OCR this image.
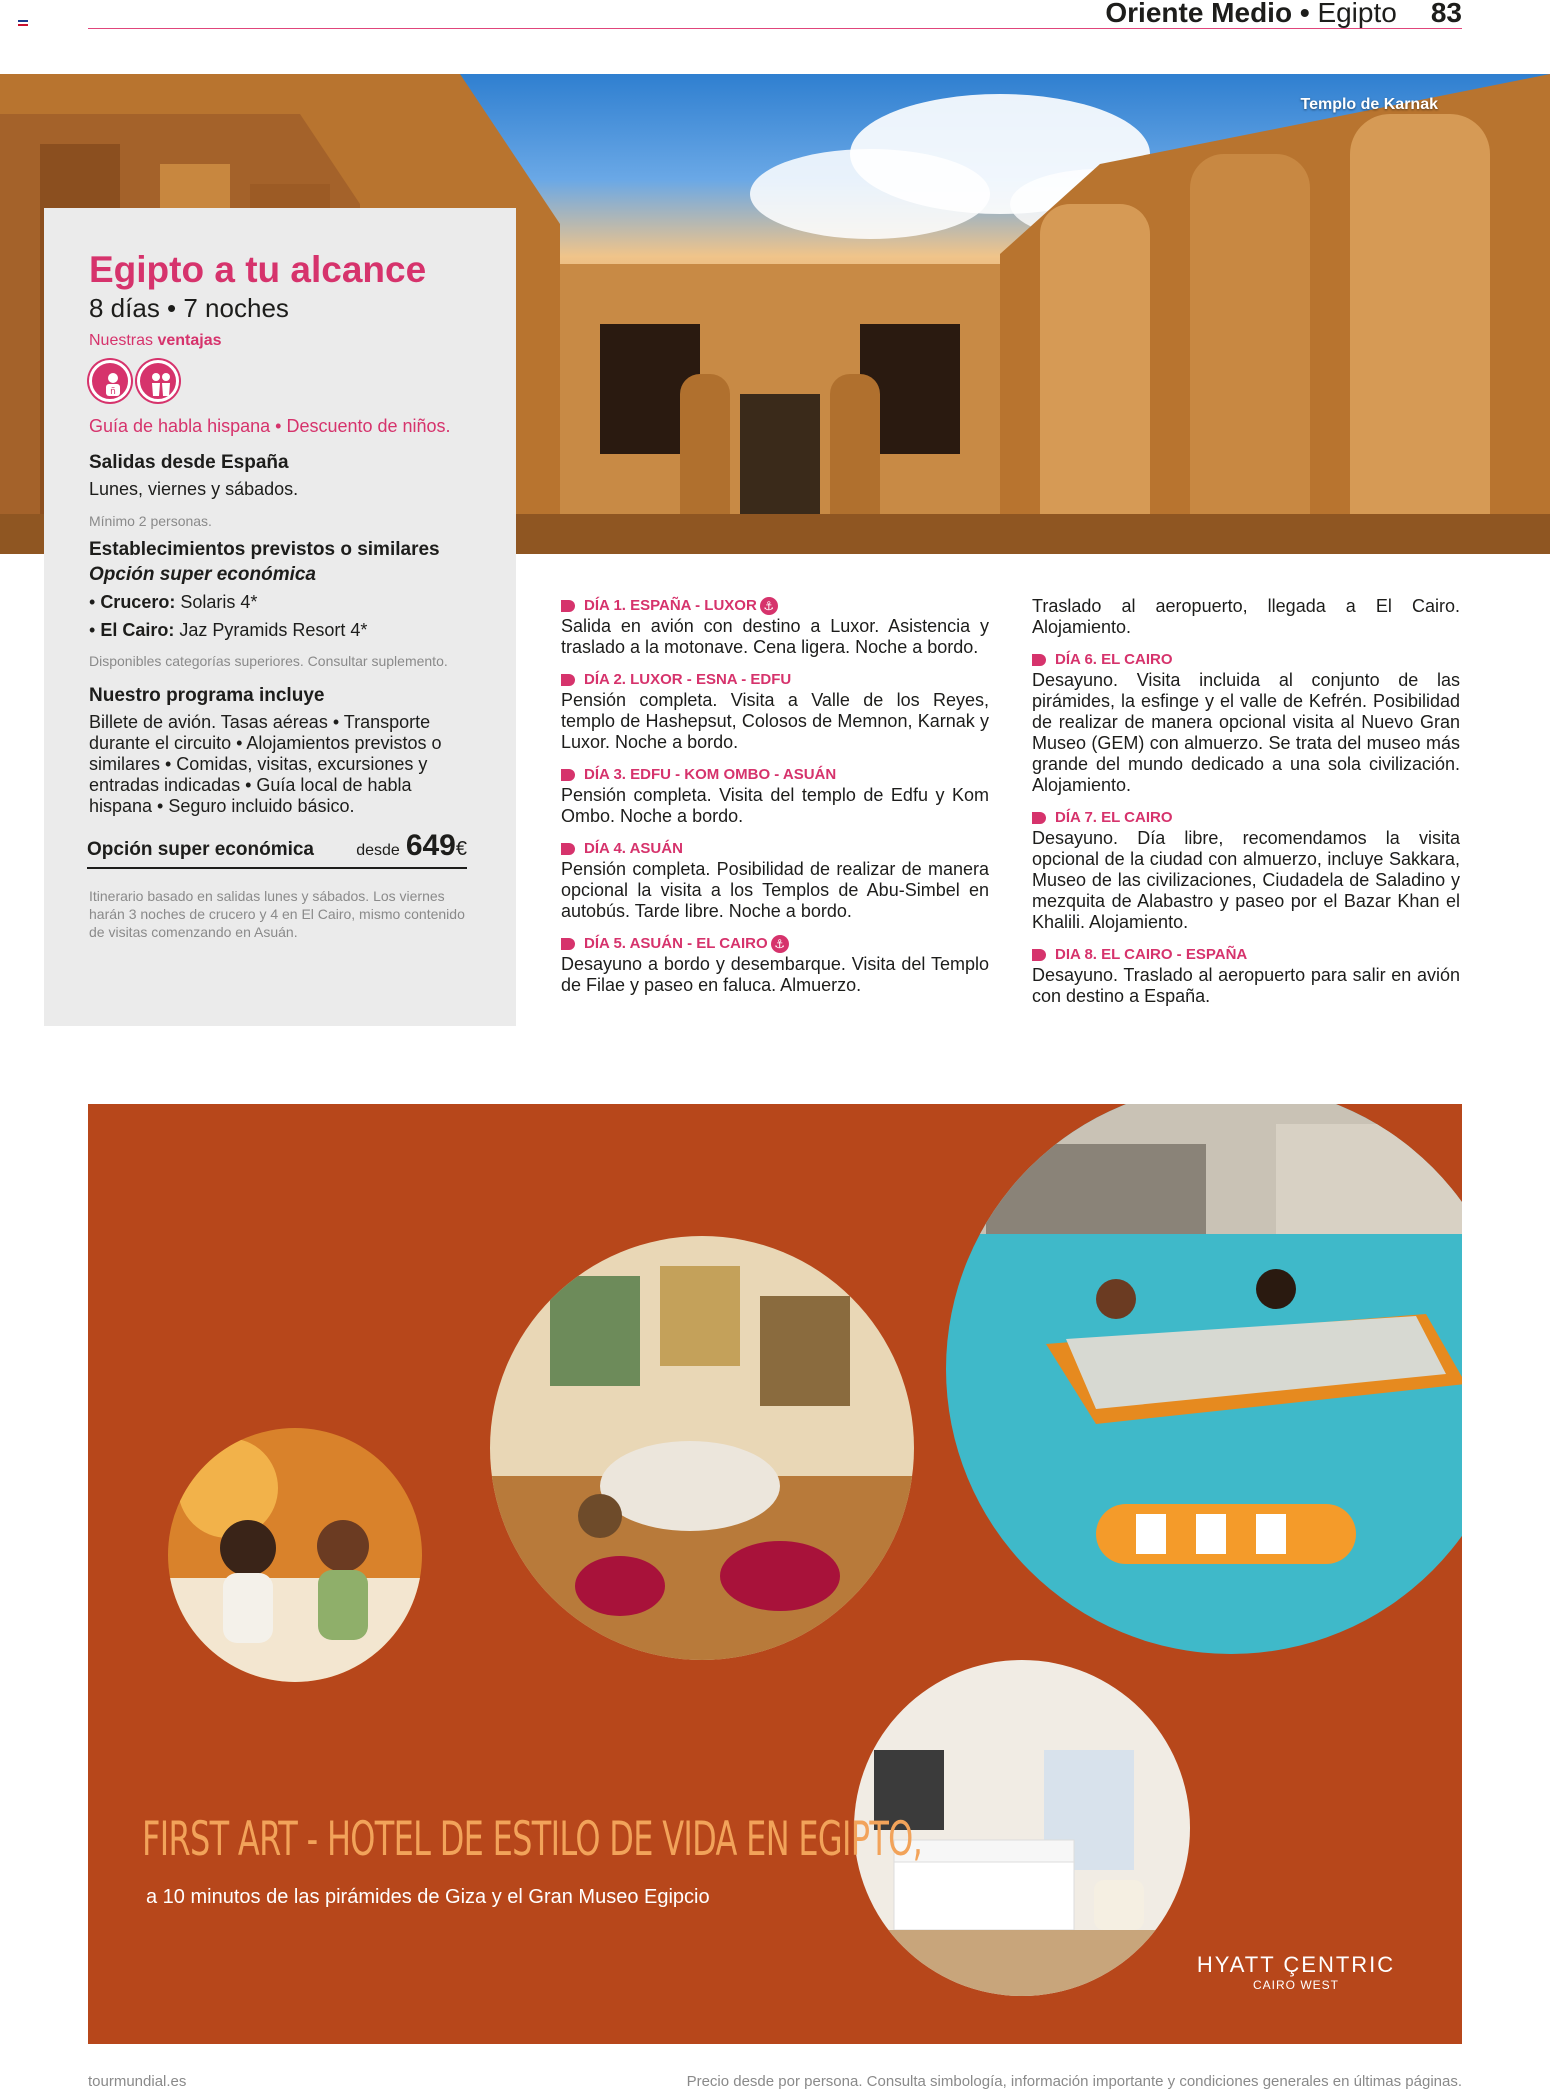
Oriente Medio • Egipto 83
Templo de Karnak
Egipto a tu alcance
8 días • 7 noches
Nuestras ventajas
ñ
Guía de habla hispana • Descuento de niños.
Salidas desde España

Lunes, viernes y sábados.

Mínimo 2 personas.
Establecimientos previstos o similares
Opción super económica
• Crucero: Solaris 4*
• El Cairo: Jaz Pyramids Resort 4*
Disponibles categorías superiores. Consultar suplemento.
Nuestro programa incluye

Billete de avión. Tasas aéreas • Transporte durante el circuito • Alojamientos previstos o similares • Comidas, visitas, excursiones y entradas indicadas • Guía local de habla hispana • Seguro incluido básico.

Opción super económica	desde 649 €
Itinerario basado en salidas lunes y sábados. Los viernes harán 3 noches de crucero y 4 en El Cairo, mismo contenido de visitas comenzando en Asuán.
DÍA 1. ESPAÑA - LUXOR ⚓
Salida en avión con destino a Luxor. Asistencia y traslado a la motonave. Cena ligera. Noche a bordo.
DÍA 2. LUXOR - ESNA - EDFU
Pensión completa. Visita a Valle de los Reyes, templo de Hashepsut, Colosos de Memnon, Karnak y Luxor. Noche a bordo.
DÍA 3. EDFU - KOM OMBO - ASUÁN
Pensión completa. Visita del templo de Edfu y Kom Ombo. Noche a bordo.
DÍA 4. ASUÁN
Pensión completa. Posibilidad de realizar de manera opcional la visita a los Templos de Abu-Simbel en autobús. Tarde libre. Noche a bordo.
DÍA 5. ASUÁN - EL CAIRO ⚓
Desayuno a bordo y desembarque. Visita del Templo de Filae y paseo en faluca. Almuerzo.
Traslado al aeropuerto, llegada a El Cairo. Alojamiento.
DÍA 6. EL CAIRO
Desayuno. Visita incluida al conjunto de las pirámides, la esfinge y el valle de Kefrén. Posibilidad de realizar de manera opcional visita al Nuevo Gran Museo (GEM) con almuerzo. Se trata del museo más grande del mundo dedicado a una sola civilización. Alojamiento.
DÍA 7. EL CAIRO
Desayuno. Día libre, recomendamos la visita opcional de la ciudad con almuerzo, incluye Sakkara, Museo de las civilizaciones, Ciudadela de Saladino y mezquita de Alabastro y paseo por el Bazar Khan el Khalili. Alojamiento.
DIA 8. EL CAIRO - ESPAÑA
Desayuno. Traslado al aeropuerto para salir en avión con destino a España.
FIRST ART - HOTEL DE ESTILO DE VIDA EN EGIPTO,
a 10 minutos de las pirámides de Giza y el Gran Museo Egipcio
HYATT ÇENTRIC
CAIRO WEST
tourmundial.es	Precio desde por persona. Consulta simbología, información importante y condiciones generales en últimas páginas.
